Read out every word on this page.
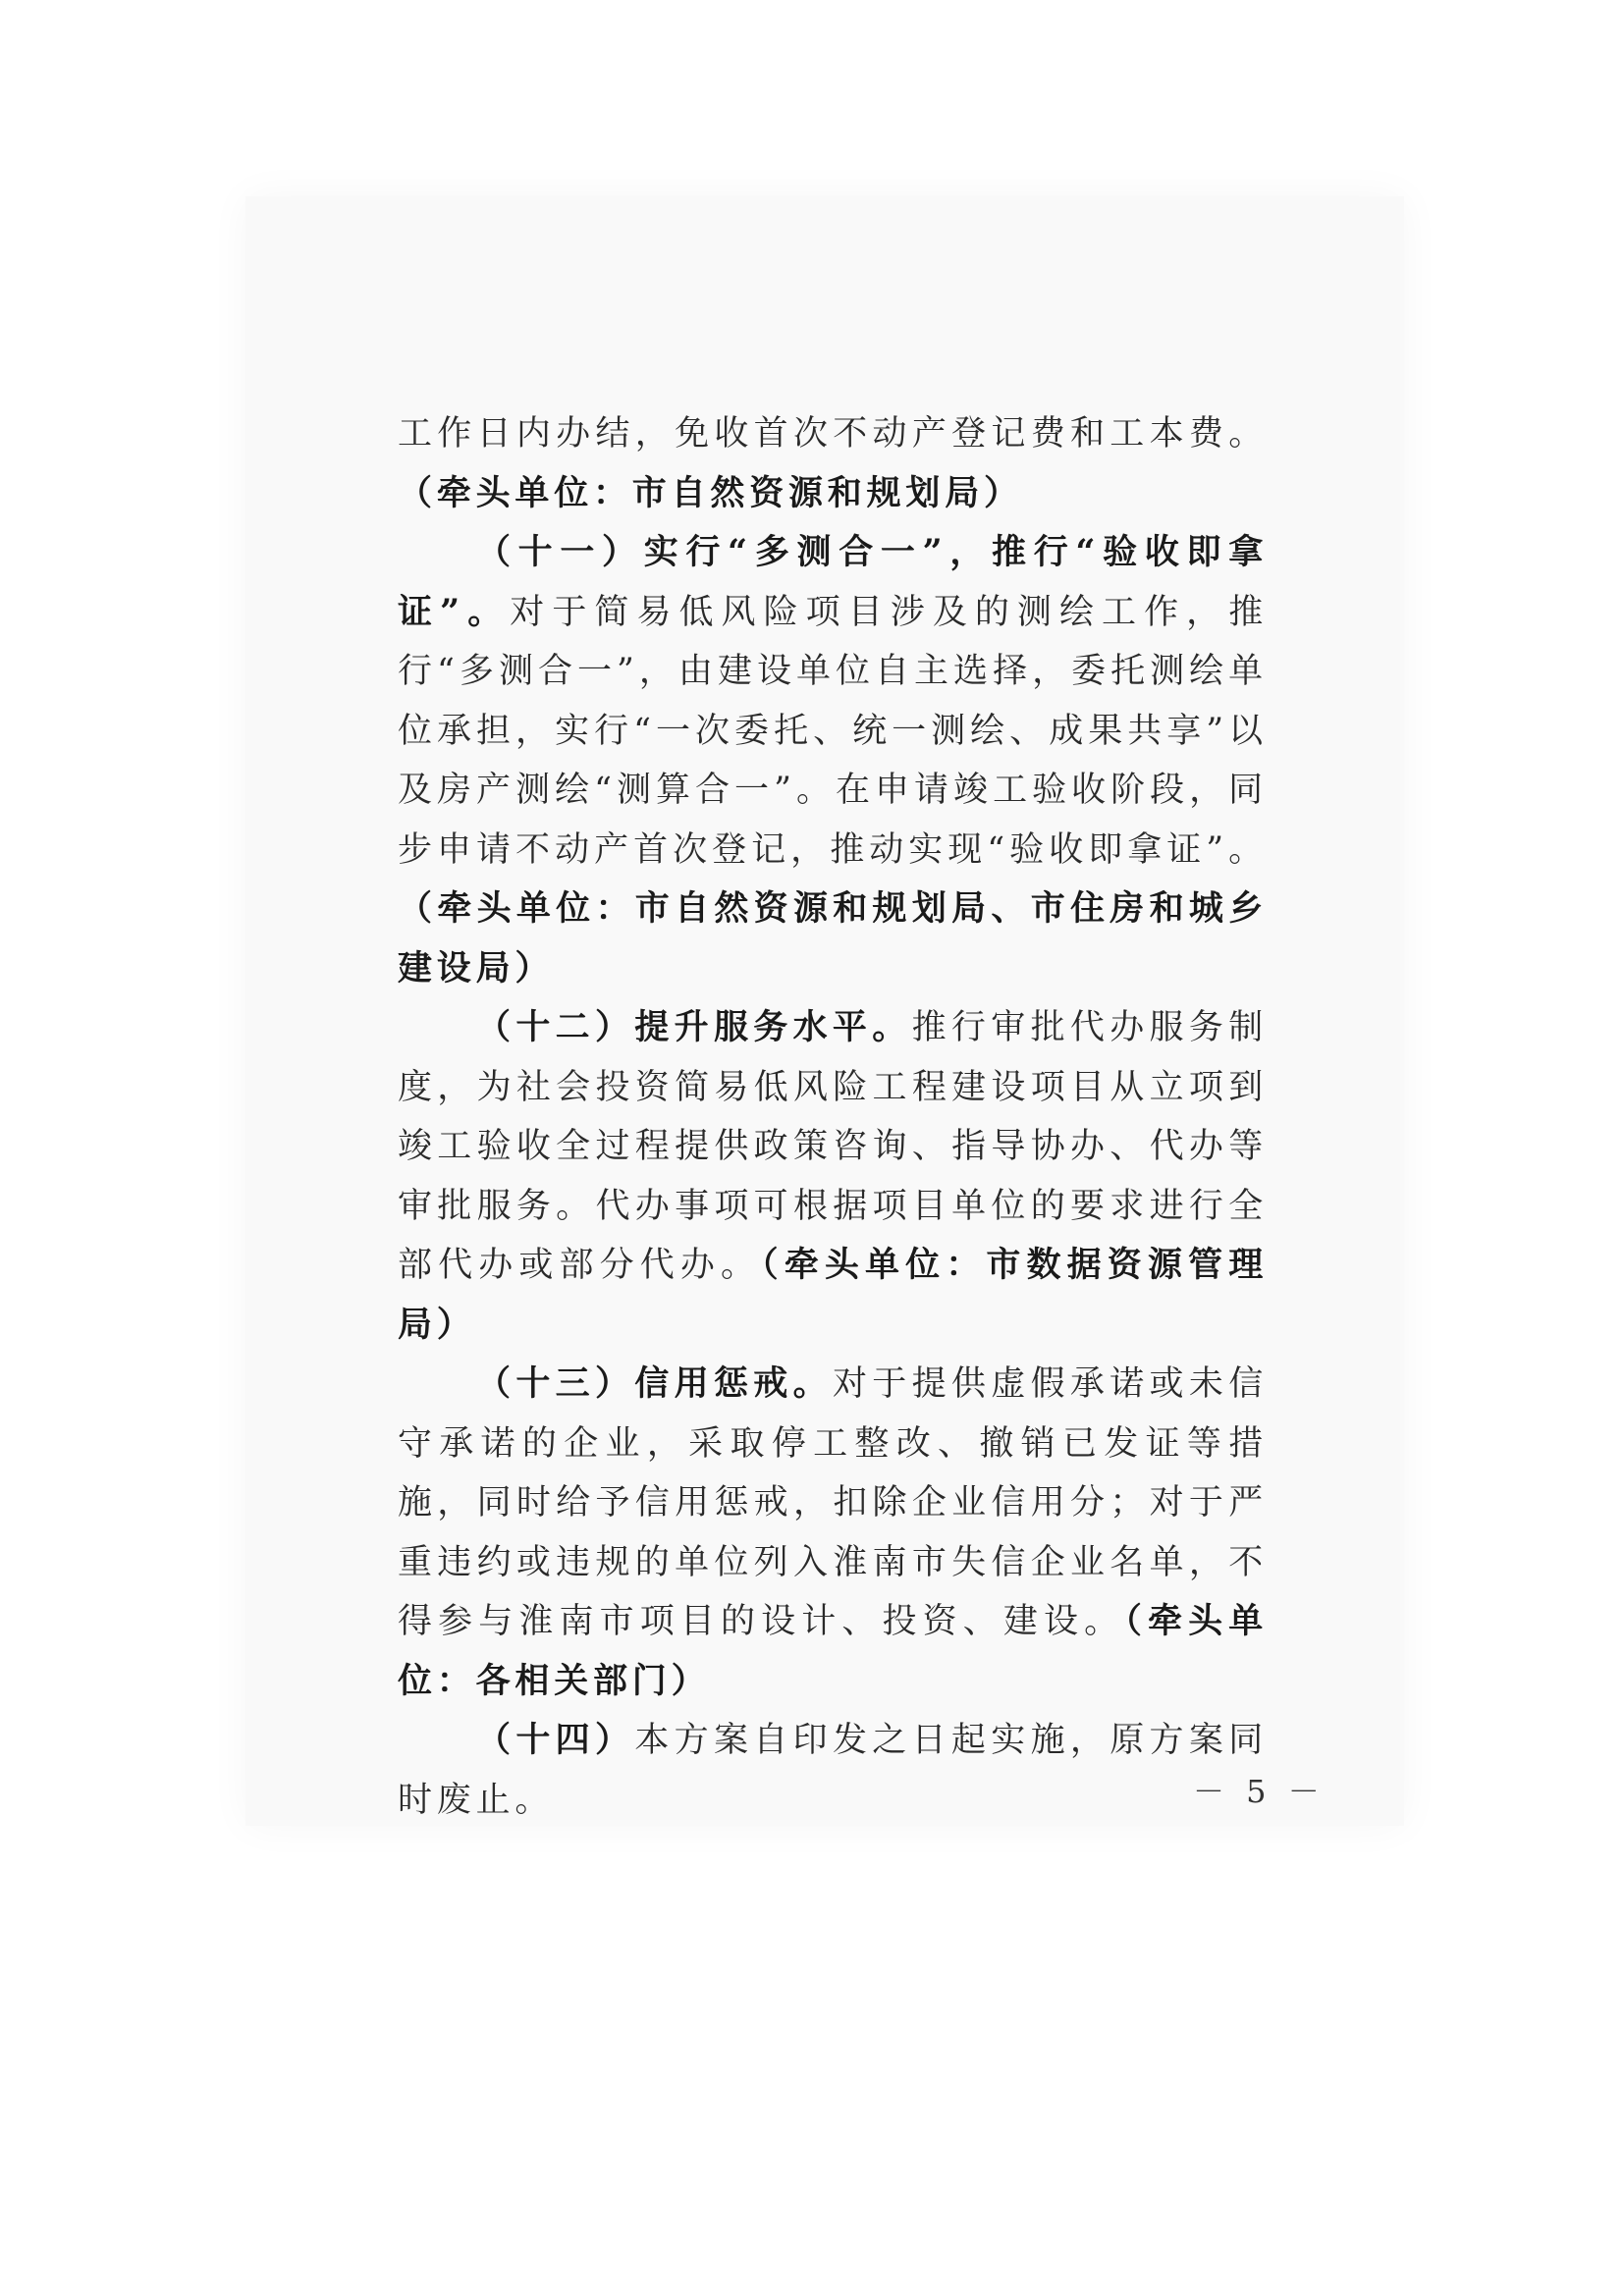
工作日内办结，免收首次不动产登记费和工本费。（牵头单位：市自然资源和规划局）

（十一）实行“多测合一”，推行“验收即拿证”。对于简易低风险项目涉及的测绘工作，推行“多测合一”，由建设单位自主选择，委托测绘单位承担，实行“一次委托、统一测绘、成果共享”以及房产测绘“测算合一”。在申请竣工验收阶段，同步申请不动产首次登记，推动实现“验收即拿证”。（牵头单位：市自然资源和规划局、市住房和城乡建设局）

（十二）提升服务水平。推行审批代办服务制度，为社会投资简易低风险工程建设项目从立项到竣工验收全过程提供政策咨询、指导协办、代办等审批服务。代办事项可根据项目单位的要求进行全部代办或部分代办。（牵头单位：市数据资源管理局）

（十三）信用惩戒。对于提供虚假承诺或未信守承诺的企业，采取停工整改、撤销已发证等措施，同时给予信用惩戒，扣除企业信用分；对于严重违约或违规的单位列入淮南市失信企业名单，不得参与淮南市项目的设计、投资、建设。（牵头单位：各相关部门）

（十四）本方案自印发之日起实施，原方案同时废止。	－ 5 －
